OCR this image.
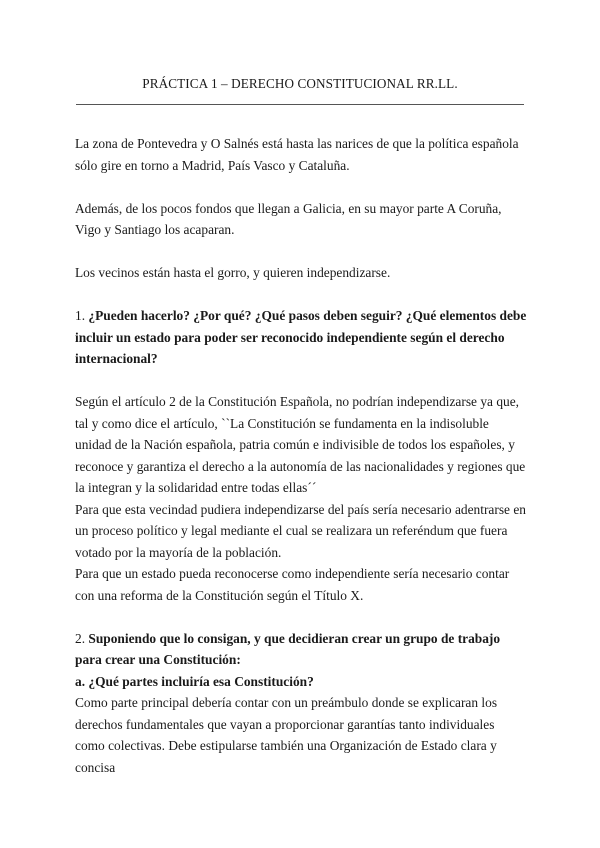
PRÁCTICA 1 – DERECHO CONSTITUCIONAL RR.LL.

La zona de Pontevedra y O Salnés está hasta las narices de que la política española sólo gire en torno a Madrid, País Vasco y Cataluña.

Además, de los pocos fondos que llegan a Galicia, en su mayor parte A Coruña, Vigo y Santiago los acaparan.

Los vecinos están hasta el gorro, y quieren independizarse.

1. ¿Pueden hacerlo? ¿Por qué? ¿Qué pasos deben seguir? ¿Qué elementos debe incluir un estado para poder ser reconocido independiente según el derecho internacional?

Según el artículo 2 de la Constitución Española, no podrían independizarse ya que, tal y como dice el artículo, ``La Constitución se fundamenta en la indisoluble unidad de la Nación española, patria común e indivisible de todos los españoles, y reconoce y garantiza el derecho a la autonomía de las nacionalidades y regiones que la integran y la solidaridad entre todas ellas´´

Para que esta vecindad pudiera independizarse del país sería necesario adentrarse en un proceso político y legal mediante el cual se realizara un referéndum que fuera votado por la mayoría de la población.

Para que un estado pueda reconocerse como independiente sería necesario contar con una reforma de la Constitución según el Título X.

2. Suponiendo que lo consigan, y que decidieran crear un grupo de trabajo para crear una Constitución:

a. ¿Qué partes incluiría esa Constitución?

Como parte principal debería contar con un preámbulo donde se explicaran los derechos fundamentales que vayan a proporcionar garantías tanto individuales como colectivas. Debe estipularse también una Organización de Estado clara y concisa
